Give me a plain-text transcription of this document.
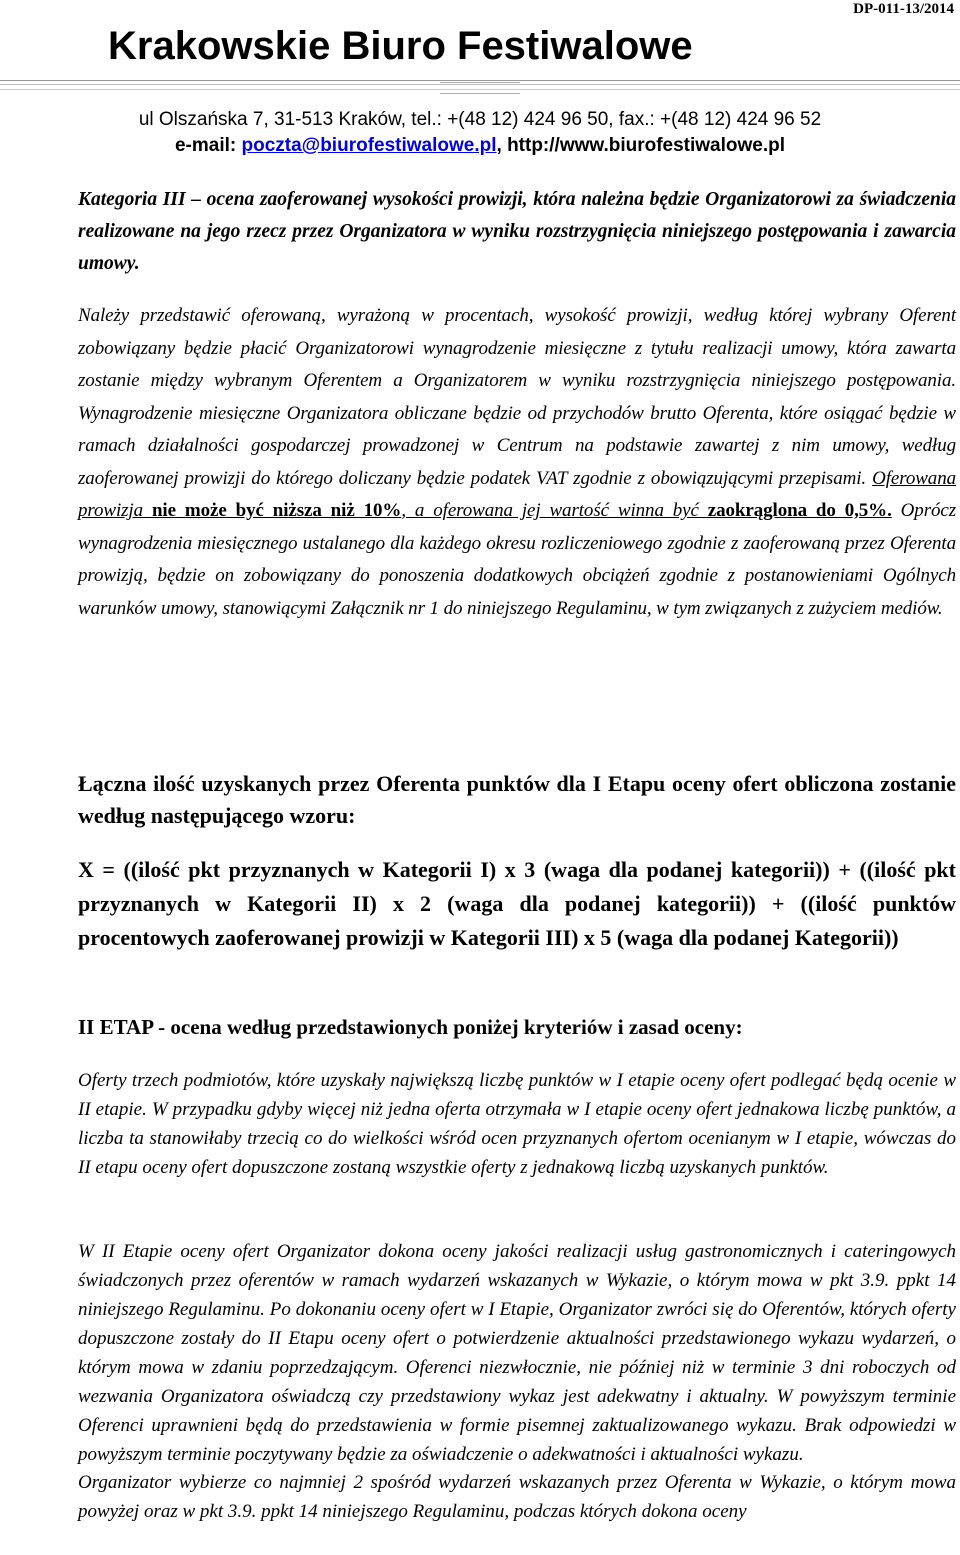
DP-011-13/2014
Krakowskie Biuro Festiwalowe
ul Olszańska 7, 31-513 Kraków, tel.: +(48 12) 424 96 50, fax.: +(48 12) 424 96 52
e-mail: poczta@biurofestiwalowe.pl, http://www.biurofestiwalowe.pl
Kategoria III – ocena zaoferowanej wysokości prowizji, która należna będzie Organizatorowi za świadczenia realizowane na jego rzecz przez Organizatora w wyniku rozstrzygnięcia niniejszego postępowania i zawarcia umowy.
Należy przedstawić oferowaną, wyrażoną w procentach, wysokość prowizji, według której wybrany Oferent zobowiązany będzie płacić Organizatorowi wynagrodzenie miesięczne z tytułu realizacji umowy, która zawarta zostanie między wybranym Oferentem a Organizatorem w wyniku rozstrzygnięcia niniejszego postępowania. Wynagrodzenie miesięczne Organizatora obliczane będzie od przychodów brutto Oferenta, które osiągać będzie w ramach działalności gospodarczej prowadzonej w Centrum na podstawie zawartej z nim umowy, według zaoferowanej prowizji do którego doliczany będzie podatek VAT zgodnie z obowiązującymi przepisami. Oferowana prowizja nie może być niższa niż 10%, a oferowana jej wartość winna być zaokrąglona do 0,5%. Oprócz wynagrodzenia miesięcznego ustalanego dla każdego okresu rozliczeniowego zgodnie z zaoferowaną przez Oferenta prowizją, będzie on zobowiązany do ponoszenia dodatkowych obciążeń zgodnie z postanowieniami Ogólnych warunków umowy, stanowiącymi Załącznik nr 1 do niniejszego Regulaminu, w tym związanych z zużyciem mediów.
Łączna ilość uzyskanych przez Oferenta punktów dla I Etapu oceny ofert obliczona zostanie według następującego wzoru:
X = ((ilość pkt przyznanych w Kategorii I) x 3 (waga dla podanej kategorii)) + ((ilość pkt przyznanych w Kategorii II) x 2 (waga dla podanej kategorii)) + ((ilość punktów procentowych zaoferowanej prowizji w Kategorii III) x 5 (waga dla podanej Kategorii))
II ETAP - ocena według przedstawionych poniżej kryteriów i zasad oceny:
Oferty trzech podmiotów, które uzyskały największą liczbę punktów w I etapie oceny ofert podlegać będą ocenie w II etapie. W przypadku gdyby więcej niż jedna oferta otrzymała w I etapie oceny ofert jednakowa liczbę punktów, a liczba ta stanowiłaby trzecią co do wielkości wśród ocen przyznanych ofertom ocenianym w I etapie, wówczas do II etapu oceny ofert dopuszczone zostaną wszystkie oferty z jednakową liczbą uzyskanych punktów.
W II Etapie oceny ofert Organizator dokona oceny jakości realizacji usług gastronomicznych i cateringowych świadczonych przez oferentów w ramach wydarzeń wskazanych w Wykazie, o którym mowa w pkt 3.9. ppkt 14 niniejszego Regulaminu. Po dokonaniu oceny ofert w I Etapie, Organizator zwróci się do Oferentów, których oferty dopuszczone zostały do II Etapu oceny ofert o potwierdzenie aktualności przedstawionego wykazu wydarzeń, o którym mowa w zdaniu poprzedzającym. Oferenci niezwłocznie, nie później niż w terminie 3 dni roboczych od wezwania Organizatora oświadczą czy przedstawiony wykaz jest adekwatny i aktualny. W powyższym terminie Oferenci uprawnieni będą do przedstawienia w formie pisemnej zaktualizowanego wykazu. Brak odpowiedzi w powyższym terminie poczytywany będzie za oświadczenie o adekwatności i aktualności wykazu.
Organizator wybierze co najmniej 2 spośród wydarzeń wskazanych przez Oferenta w Wykazie, o którym mowa powyżej oraz w pkt 3.9. ppkt 14 niniejszego Regulaminu, podczas których dokona oceny
